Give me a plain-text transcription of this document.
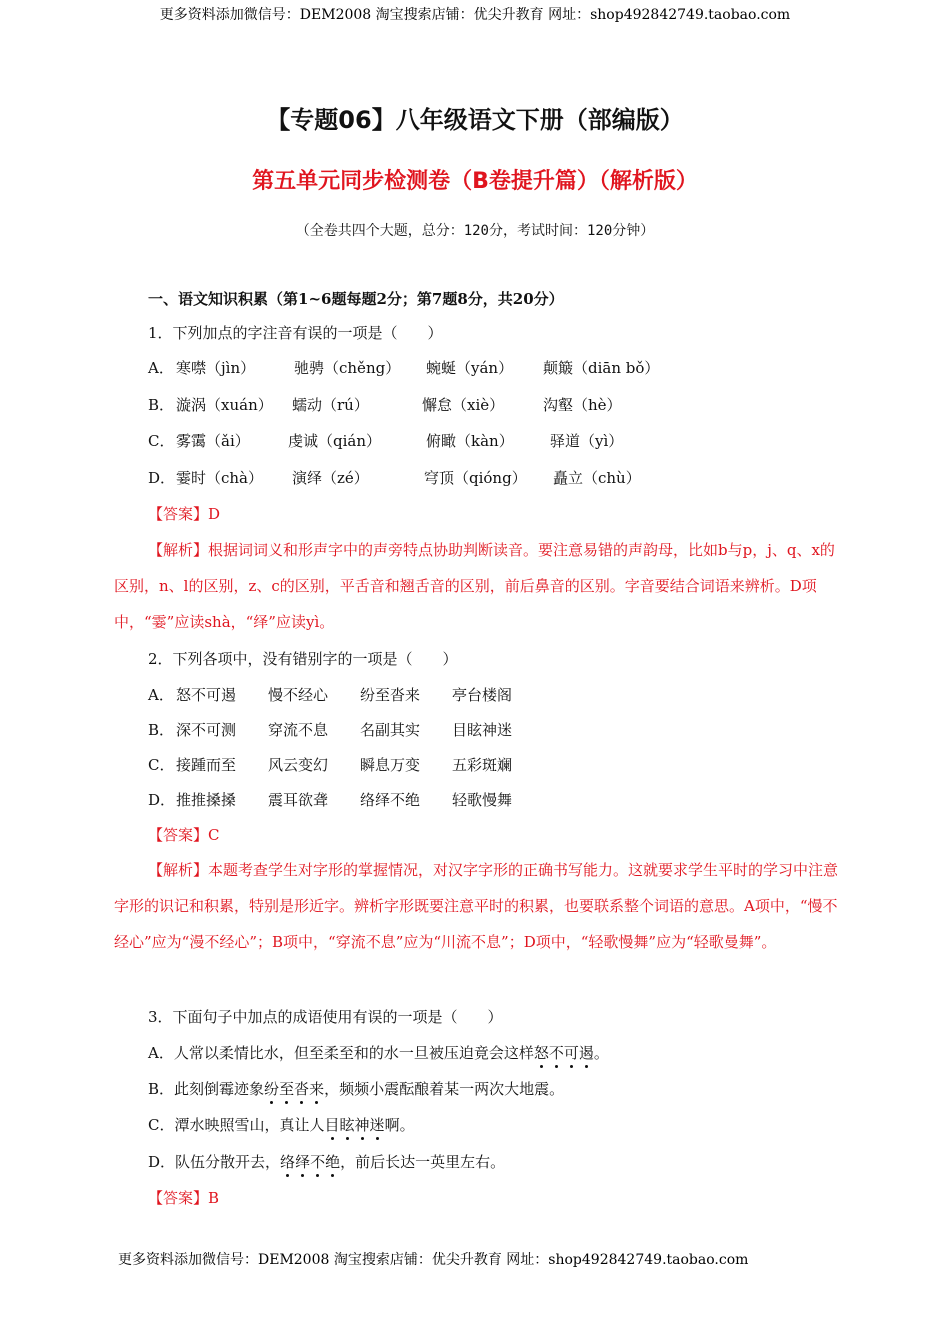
更多资料添加微信号：DEM2008 淘宝搜索店铺：优尖升教育 网址：shop492842749.taobao.com
【专题06】八年级语文下册（部编版）
第五单元同步检测卷（B卷提升篇）（解析版）
（全卷共四个大题，总分：120分，考试时间：120分钟）
一、语文知识积累（第1~6题每题2分；第7题8分，共20分）
1．下列加点的字注音有误的一项是（　　）
A． 寒噤（jìn）	驰骋（chěng） 蜿蜒（yán） 颠簸（diān bǒ）
B． 漩涡（xuán） 蠕动（rú）	懈怠（xiè）	沟壑（hè）
C． 雾霭（ǎi）	虔诚（qián）	俯瞰（kàn） 驿道（yì）
D． 霎时（chà） 演绎（zé）	穹顶（qióng） 矗立（chù）
【答案】D
【解析】根据词词义和形声字中的声旁特点协助判断读音。要注意易错的声韵母，比如b与p，j、q、x的区别，n、l的区别，z、c的区别，平舌音和翘舌音的区别，前后鼻音的区别。字音要结合词语来辨析。D项中，“霎”应读shà，“绎”应读yì。
2．下列各项中，没有错别字的一项是（　　）
A． 怒不可遏 慢不经心 纷至沓来 亭台楼阁
B． 深不可测 穿流不息 名副其实 目眩神迷
C． 接踵而至 风云变幻 瞬息万变 五彩斑斓
D． 推推搡搡 震耳欲聋 络绎不绝 轻歌慢舞
【答案】C
【解析】本题考查学生对字形的掌握情况，对汉字字形的正确书写能力。这就要求学生平时的学习中注意字形的识记和积累，特别是形近字。辨析字形既要注意平时的积累，也要联系整个词语的意思。A项中，“慢不经心”应为“漫不经心”；B项中，“穿流不息”应为“川流不息”；D项中，“轻歌慢舞”应为“轻歌曼舞”。
3．下面句子中加点的成语使用有误的一项是（　　）
A．人常以柔情比水，但至柔至和的水一旦被压迫竟会这样怒不可遏。
B．此刻倒霉迹象纷至沓来，频频小震酝酿着某一两次大地震。
C．潭水映照雪山，真让人目眩神迷啊。
D．队伍分散开去，络绎不绝，前后长达一英里左右。
【答案】B
更多资料添加微信号：DEM2008 淘宝搜索店铺：优尖升教育 网址：shop492842749.taobao.com
